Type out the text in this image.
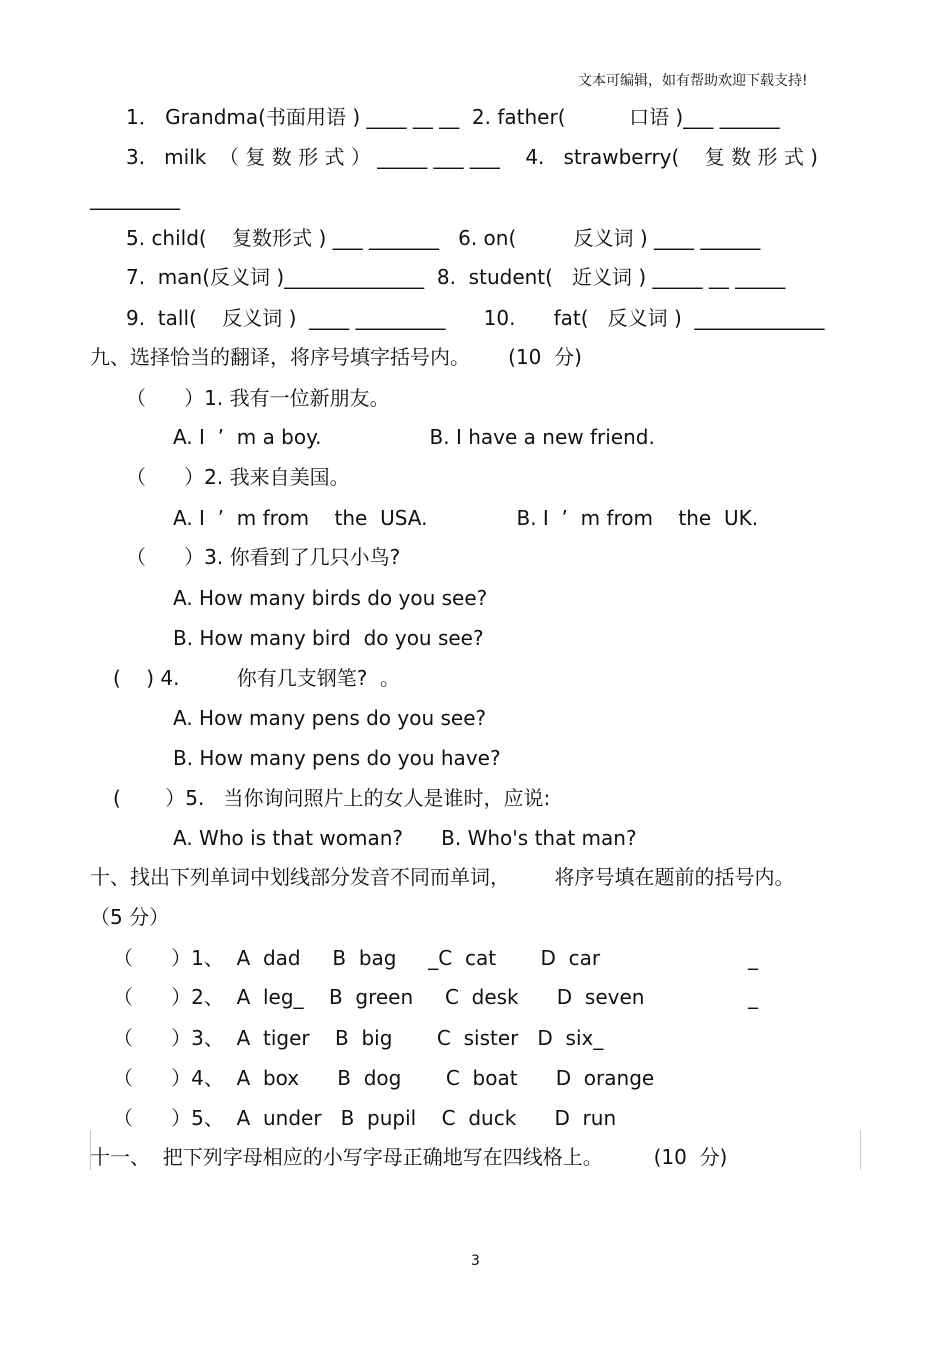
文本可编辑，如有帮助欢迎下载支持!
1． Grandma(书面用语 ) ____ __ __  2. father(          口语 )___ ______
3.   milk  （ 复 数 形 式 ） _____ ___ ___    4.   strawberry(    复 数 形 式 )
_________
5. child(    复数形式 ) ___ _______   6. on(         反义词 ) ____ ______
7.  man(反义词 )______________  8.  student(   近义词 ) _____ __ _____
9.  tall(    反义词 )  ____ _________      10.      fat(   反义词 )  _____________
九、选择恰当的翻译，将序号填字括号内。      (10  分)
（      ）1. 我有一位新朋友。
A. I  ’  m a boy.                 B. I have a new friend.
（      ）2. 我来自美国。
A. I  ’  m from    the  USA.              B. I  ’  m from    the  UK.
（      ）3. 你看到了几只小鸟?
A. How many birds do you see?
B. How many bird  do you see?
(    ) 4.         你有几支钢笔?  。
A. How many pens do you see?
B. How many pens do you have?
(       ）5.   当你询问照片上的女人是谁时，应说:
A. Who is that woman?      B. Who's that man?
十、找出下列单词中划线部分发音不同而单词，       将序号填在题前的括号内。
（5 分）
（      ）1、  A  dad     B  bag     _C  cat       D  car
（      ）2、  A  leg_    B  green     C  desk      D  seven
（      ）3、  A  tiger    B  big       C  sister   D  six_
（      ）4、  A  box      B  dog       C  boat      D  orange
（      ）5、  A  under   B  pupil    C  duck      D  run
_
_
十一、  把下列字母相应的小写字母正确地写在四线格上。        (10  分)
3
